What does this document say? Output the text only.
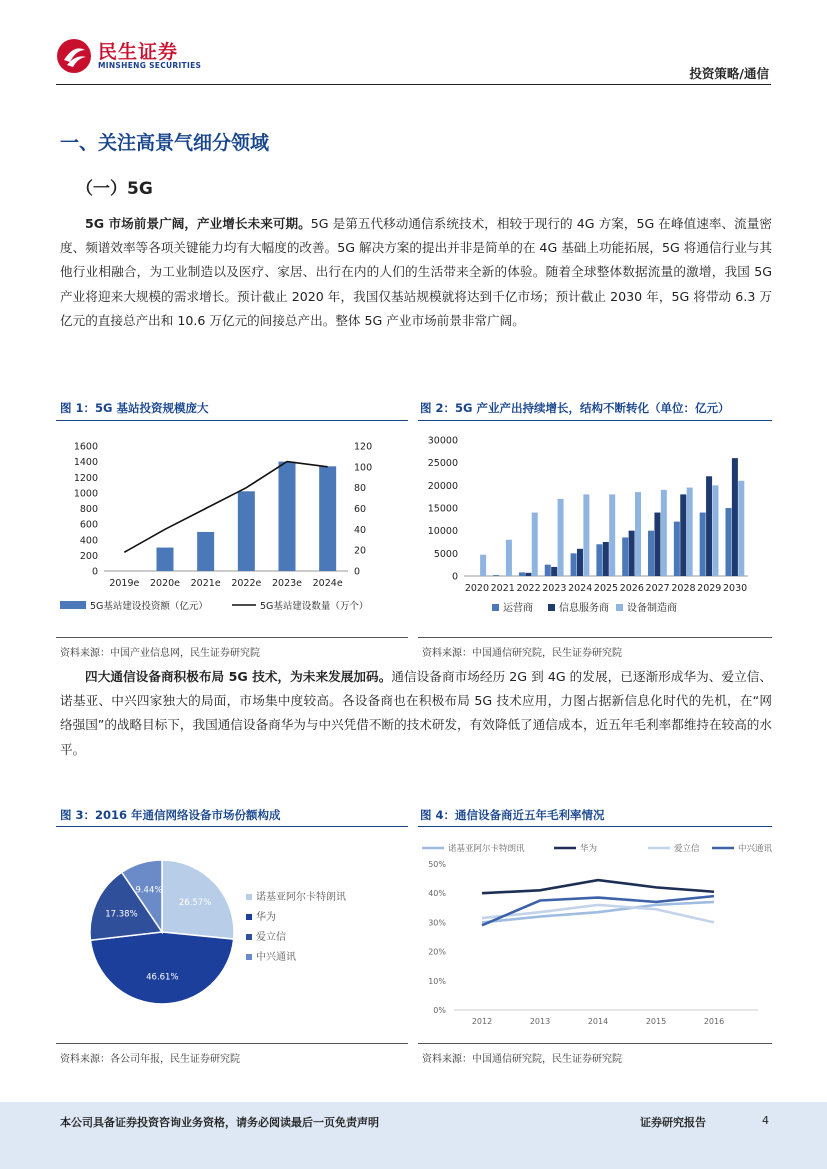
民生证券
MINSHENG SECURITIES
投资策略/通信
一、关注高景气细分领域
（一）5G
5G 市场前景广阔，产业增长未来可期。5G 是第五代移动通信系统技术，相较于现行的 4G 方案，5G 在峰值速率、流量密度、频谱效率等各项关键能力均有大幅度的改善。5G 解决方案的提出并非是简单的在 4G 基础上功能拓展，5G 将通信行业与其他行业相融合，为工业制造以及医疗、家居、出行在内的人们的生活带来全新的体验。随着全球整体数据流量的激增，我国 5G 产业将迎来大规模的需求增长。预计截止 2020 年，我国仅基站规模就将达到千亿市场；预计截止 2030 年，5G 将带动 6.3 万亿元的直接总产出和 10.6 万亿元的间接总产出。整体 5G 产业市场前景非常广阔。
图 1：5G 基站投资规模庞大
0
200
400
600
800
1000
1200
1400
1600
0
20
40
60
80
100
120
2019e 2020e 2021e 2022e 2023e 2024e
5G基站建设投资额（亿元）	5G基站建设数量（万个）
资料来源：中国产业信息网，民生证券研究院
图 2：5G 产业产出持续增长，结构不断转化（单位：亿元）
0
5000
10000
15000
20000
25000
30000
2020 2021 2022 2023 2024 2025 2026 2027 2028 2029 2030
运营商	信息服务商 设备制造商
资料来源：中国通信研究院，民生证券研究院
四大通信设备商积极布局 5G 技术，为未来发展加码。通信设备商市场经历 2G 到 4G 的发展，已逐渐形成华为、爱立信、诺基亚、中兴四家独大的局面，市场集中度较高。各设备商也在积极布局 5G 技术应用，力图占据新信息化时代的先机，在“网络强国”的战略目标下，我国通信设备商华为与中兴凭借不断的技术研发，有效降低了通信成本，近五年毛利率都维持在较高的水平。
图 3：2016 年通信网络设备市场份额构成
26.57%
46.61%
17.38%
9.44%
诺基亚阿尔卡特朗讯
华为
爱立信
中兴通讯
资料来源：各公司年报，民生证券研究院
图 4：通信设备商近五年毛利率情况
0%
10%
20%
30%
40%
50%
2012	2013	2014	2015	2016
诺基亚阿尔卡特朗讯	华为	爱立信	中兴通讯
资料来源：中国通信研究院，民生证券研究院
本公司具备证券投资咨询业务资格，请务必阅读最后一页免责声明	证券研究报告	4
